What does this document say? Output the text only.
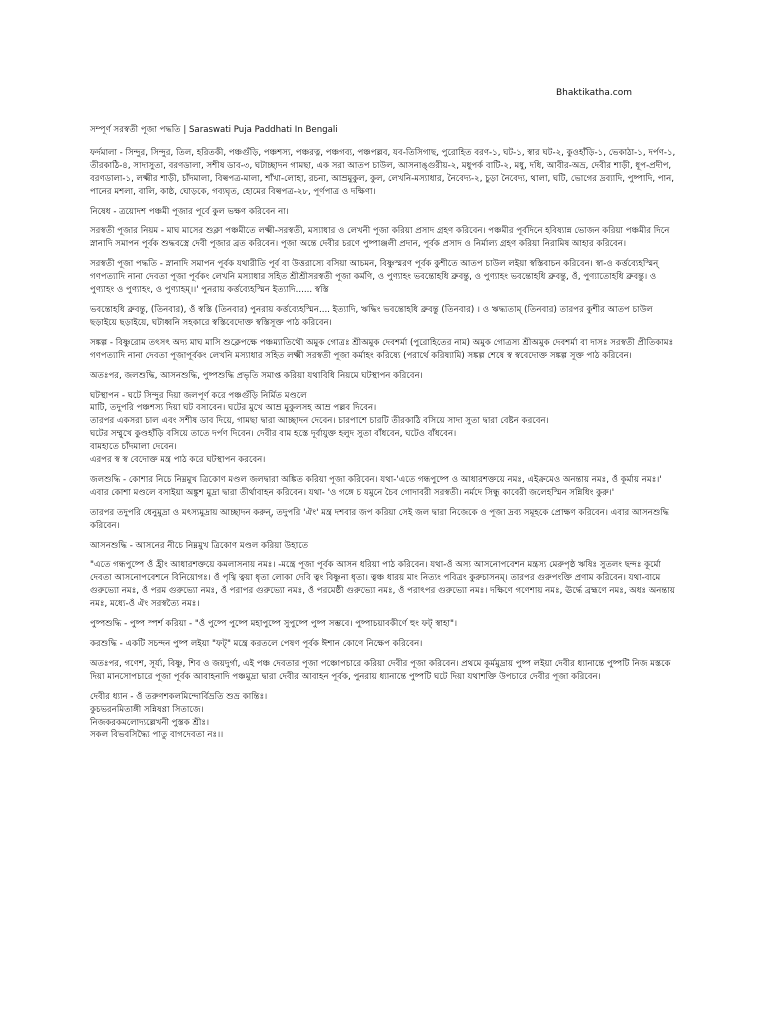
Bhaktikatha.com

সম্পূর্ণ সরস্বতী পূজা পদ্ধতি | Saraswati Puja Paddhati In Bengali

ফর্দমালা - সিন্দুর, সিন্দুর, তিল, হরিতকী, পঞ্চগুঁড়ি, পঞ্চশস্য, পঞ্চরত্ন, পঞ্চগব্য, পঞ্চপল্লব, যব-তিসিগাছ, পুরোহিত বরণ-১, ঘট-১, স্বার ঘট-২, কুওহাঁড়ি-১, ভেকাঠা-১, দর্পণ-১, তীরকাঠি-৪, সাদাসুতা, বরণডালা, সশীষ ডাব-৩, ঘটাচ্ছাদন গামছা, এক সরা আতপ চাউল, আসনাঙ্গুরীয়-২, মধুপর্ক বাটি-২, মধু, দধি, আবীর-অভ্র, দেবীর শাড়ী, ধূপ-প্রদীপ, বরণডালা-১, লক্ষ্মীর শাড়ী, চাঁদমালা, বিল্বপত্র-মালা, শাঁখা-লোহা, রচনা, আম্রমুকুল, কুল, লেখনি-মস্যাধার, নৈবেদ্য-২, চুড়া নৈবেদ্য, থালা, ঘটি, ভোগের দ্রব্যাদি, পুষ্পাদি, পান, পানের মশলা, বালি, কাষ্ঠ, ঘোড়কে, গব্যঘৃত, হোমের বিল্বপত্র-২৮, পূর্ণপাত্র ও দক্ষিণা।

নিষেধ - ত্রয়োদশ পঞ্চমী পূজার পূর্বে কুল ভক্ষণ করিবেন না।

সরস্বতী পূজার নিয়ম - মাঘ মাসের শুক্লা পঞ্চমীতে লক্ষ্মী-সরস্বতী, মস্যাধার ও লেখনী পূজা করিয়া প্রসাদ গ্রহণ করিবেন। পঞ্চমীর পূর্বদিনে হবিষ্যান্ন ভোজন করিয়া পঞ্চমীর দিনে স্নানাদি সমাপন পূর্বক শুদ্ধবস্ত্রে দেবী পূজার ব্রত করিবেন। পূজা অন্তে দেবীর চরণে পুষ্পাঞ্জলী প্রদান, পূর্বক প্রসাদ ও নির্মাল্য গ্রহণ করিয়া নিরামিষ আহার করিবেন।

সরস্বতী পূজা পদ্ধতি - স্নানাদি সমাপন পূর্বক যথারীতি পূর্ব বা উত্তরাস্যে বসিয়া আচমন, বিষ্ণুস্মরণ পূর্বক কুশীতে আতপ চাউল লইয়া স্বস্তিবাচন করিবেন। স্বা-ও কর্ত্তব্যেহস্মিন্ গণপত্যাদি নানা দেবতা পূজা পূর্বকং লেখনি মস্যাধার সহিত শ্রীশ্রীসরস্বতী পূজা কর্মণি, ও পুণ্যাহং ভবন্তোহধি ব্রুবন্তু, ও পুণ্যাহং ভবন্তোহধি ব্রুবন্তু, ওঁ, পুণ্যাতোহধি ব্রুবন্তু। ও পুণ্যাহং ও পুণ্যাহং, ও পুণ্যাহম্।।' পুনরায় কর্ত্তব্যেহস্মিন ইত্যাদি...... স্বস্তি

ভবন্তোহধি ব্রুবন্তু, (তিনবার), ওঁ স্বস্তি (তিনবার) পুনরায় কর্ত্তব্যেহস্মিন.... ইত্যাদি, ঋদ্ধিং ভবন্তোহধি ব্রুবন্তু (তিনবার) । ও ঋদ্ধ্যতাম্ (তিনবার) তারপর কুশীর আতপ চাউল ছড়াইয়ে ছড়াইয়ে, ঘটাধ্বনি সহকারে স্বস্তিবেদোক্ত স্বস্তিসূক্ত পাঠ করিবেন।

সঙ্কল্প - বিষ্ণুরোম তৎসৎ অদ্য মাঘ মাসি শুক্লেপক্ষে পঞ্চম্যাতিথৌ অমুক গোত্রঃ শ্রীঅমুক দেবশর্মা (পুরোহিতের নাম) অমুক গোত্রস্য শ্রীঅমুক দেবশর্মা বা দাসঃ সরস্বতী প্রীতিকামঃ গণপত্যাদি নানা দেবতা পূজাপূর্বকং লেখনি মস্যাধার সহিত লক্ষ্মী সরস্বতী পূজা কর্মাহং করিষ্যে (পরার্থে করিষ্যামি) সঙ্কল্প শেষে স্ব স্ববেদোক্ত সঙ্কল্প সূক্ত পাঠ করিবেন।

অতঃপর, জলশুদ্ধি, আসনশুদ্ধি, পুষ্পশুদ্ধি প্রভৃতি সমাপ্ত করিয়া যথাবিধি নিয়মে ঘটস্থাপন করিবেন।

ঘটস্থাপন - ঘটে সিন্দুর দিয়া জলপূর্ণ করে পঞ্চগুঁড়ি নির্মিত মণ্ডলে
মাটি, তদুপরি পঞ্চশস্য দিয়া ঘট বসাবেন। ঘটের মুখে আম্র মুকুলসহ আম্র পল্লব দিবেন।
তারপর একসরা চাল এবং সশীষ ডাব দিয়ে, গামছা দ্বারা আচ্ছাদন দেবেন। চারপাশে চারটি তীরকাঠি বসিয়ে সাদা সুতা দ্বারা বেষ্টন করবেন।
ঘটের সম্মুখে কুণ্ডহাঁড়ি বসিয়ে তাতে দর্পণ দিবেন। দেবীর বাম হস্তে দূর্বাযুক্ত হলুদ সুতা বাঁধবেন, ঘটেও বাঁধবেন।
বামহাতে চাঁদমালা দেবেন।
এরপর স্ব স্ব বেদোক্ত মন্ত্র পাঠ করে ঘটস্থাপন করবেন।

জলশুদ্ধি - কোশার নিচে নিম্নমুখ ত্রিকোণ মণ্ডল জলদ্বারা অঙ্কিত করিয়া পূজা করিবেন। যথা-'এতে গন্ধপুষ্পে ও আধারশক্তয়ে নমঃ, এইক্রমেও অনন্তায় নমঃ, ওঁ কূর্মায় নমঃ।' এবার কোশা মণ্ডলে বসাইয়া অঙ্কুশ মুদ্রা দ্বারা তীর্থাবাহন করিবেন। যথা- 'ও গঙ্গে চ যমুনে চৈব গোদাবরী সরস্বতী। নর্মদে সিন্ধু কাবেরী জলেহস্মিন সন্নিধিং কুরু।'

তারপর তদুপরি ধেনুমুদ্রা ও মৎস্যমুদ্রায় আচ্ছাদন করুন্, তদুপরি 'ঐং' মন্ত্র দশবার জপ করিয়া সেই জল দ্বারা নিজেকে ও পূজা দ্রব্য সমূহকে প্রোক্ষণ করিবেন। এবার আসনশুদ্ধি করিবেন।

আসনশুদ্ধি - আসনের নীচে নিম্নমুখ ত্রিকোণ মণ্ডল করিয়া উহাতে

"এতে গন্ধপুষ্পে ওঁ হ্রীং আধারশক্তয়ে কমলাসনায় নমঃ। -মন্ত্রে পূজা পূর্বক আসন ধরিয়া পাঠ করিবেন। যথা-ওঁ অস্য আসনোপবেশন মন্ত্রস্য মেরুপৃষ্ঠ ঋষিঃ সুতলং ছন্দঃ কূর্মো দেবতা আসনোপবেশনে বিনিয়োগঃ। ওঁ পৃথ্বি ত্বয়া ধৃতা লোকা দেবি ত্বং বিষ্ণুনা ধৃতা। ত্বঞ্চ ধারয় মাং নিত্যং পবিত্রং কুরুচাসনম্। তারপর গুরুপংক্তি প্রণাম করিবেন। যথা-বামে গুরুভ্যো নমঃ, ওঁ পরম গুরুভ্যো নমঃ, ওঁ পরাপর গুরুভ্যো নমঃ, ওঁ পরমেষ্ঠী গুরুভ্যো নমঃ, ওঁ পরাৎপর গুরুভ্যো নমঃ। দক্ষিণে গণেশায় নমঃ, ঊর্দ্ধে ব্রহ্মণে নমঃ, অধঃ অনন্তায় নমঃ, মধ্যে-ওঁ ঐং সরস্বত্যৈ নমঃ।

পুষ্পশুদ্ধি - পুষ্প স্পর্শ করিয়া - "ওঁ পুষ্পে পুষ্পে মহাপুষ্পে সুপুষ্পে পুষ্প সম্ভবে। পুষ্পাচয়াবকীর্ণে হুং ফট্‌ স্বাহা"।

করশুদ্ধি - একটি সচন্দন পুষ্প লইয়া "ফট্‌" মন্ত্রে করতলে পেষণ পূর্বক ঈশান কোণে নিক্ষেপ করিবেন।

অতঃপর, গণেশ, সূর্য্য, বিষ্ণু, শিব ও জয়দুর্গা, এই পঞ্চ দেবতার পূজা পঞ্চোপচারে করিয়া দেবীর পূজা করিবেন। প্রথমে কূর্মমুদ্রায় পুষ্প লইয়া দেবীর ধ্যানান্তে পুষ্পটি নিজ মস্তকে দিয়া মানসোপচারে পূজা পূর্বক আবাহনাদি পঞ্চমুদ্রা দ্বারা দেবীর আবাহন পূর্বক, পুনরায় ধ্যানান্তে পুষ্পটি ঘটে দিয়া যথাশক্তি উপচারে দেবীর পূজা করিবেন।

দেবীর ধ্যান - ওঁ তরুণশকলমিন্দোর্বিভ্রতি শুভ্র কান্তিঃ।
কুচভরনমিতাঙ্গী সন্নিষণ্ণা সিতাজে।
নিজকরকমলোদ্যল্লেখনী পুস্তক শ্রীঃ।
সকল বিভবসিদ্ধ্যৈ পাতু বাগদেবতা নঃ।।
